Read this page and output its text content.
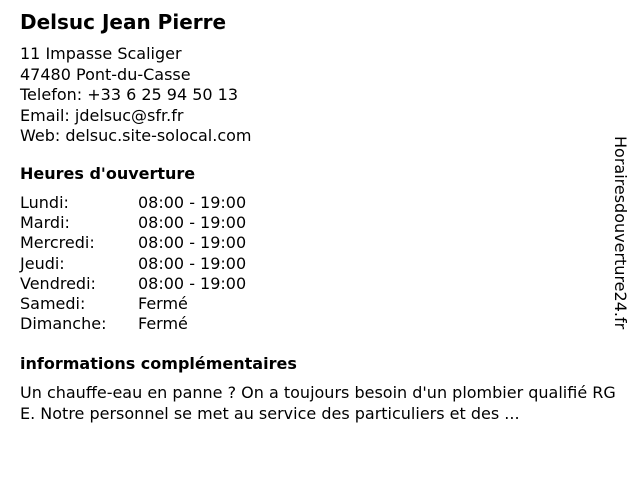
Delsuc Jean Pierre
11 Impasse Scaliger
47480 Pont-du-Casse
Telefon: +33 6 25 94 50 13
Email: jdelsuc@sfr.fr
Web: delsuc.site-solocal.com
Heures d'ouverture
Lundi:	08:00 - 19:00
Mardi:	08:00 - 19:00
Mercredi:	08:00 - 19:00
Jeudi:	08:00 - 19:00
Vendredi:	08:00 - 19:00
Samedi:	Fermé
Dimanche:	Fermé
informations complémentaires
Un chauffe-eau en panne ? On a toujours besoin d'un plombier qualifié RGE. Notre personnel se met au service des particuliers et des ...
Horairesdouverture24.fr
